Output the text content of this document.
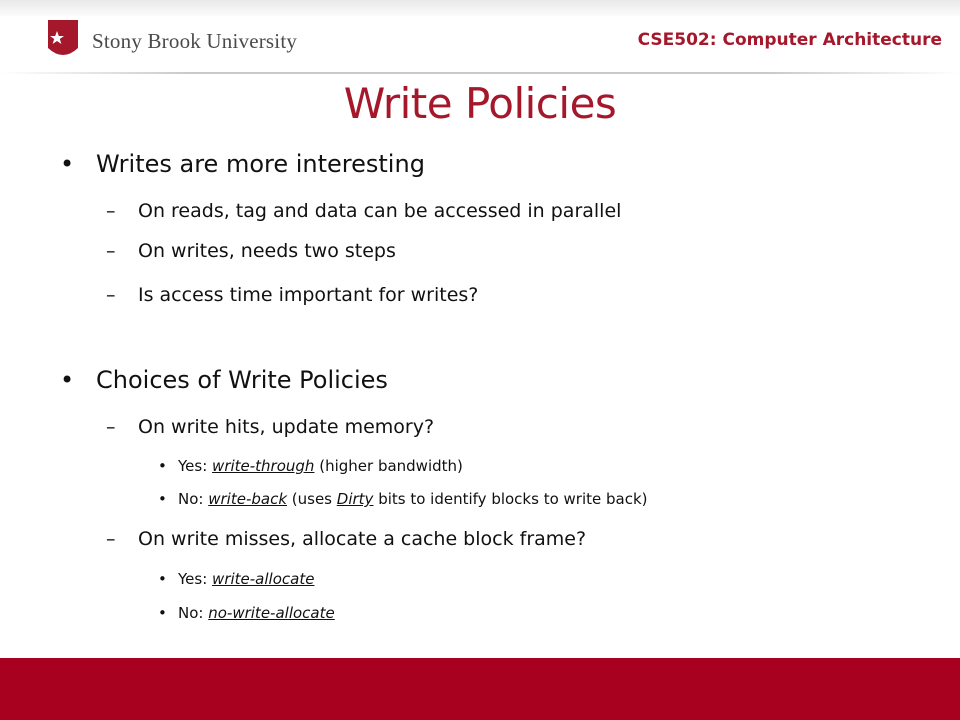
Stony Brook University	CSE502: Computer Architecture
Write Policies
• Writes are more interesting
– On reads, tag and data can be accessed in parallel
– On writes, needs two steps
– Is access time important for writes?
• Choices of Write Policies
– On write hits, update memory?
• Yes: write-through (higher bandwidth)
• No: write-back (uses Dirty bits to identify blocks to write back)
– On write misses, allocate a cache block frame?
• Yes: write-allocate
• No: no-write-allocate
